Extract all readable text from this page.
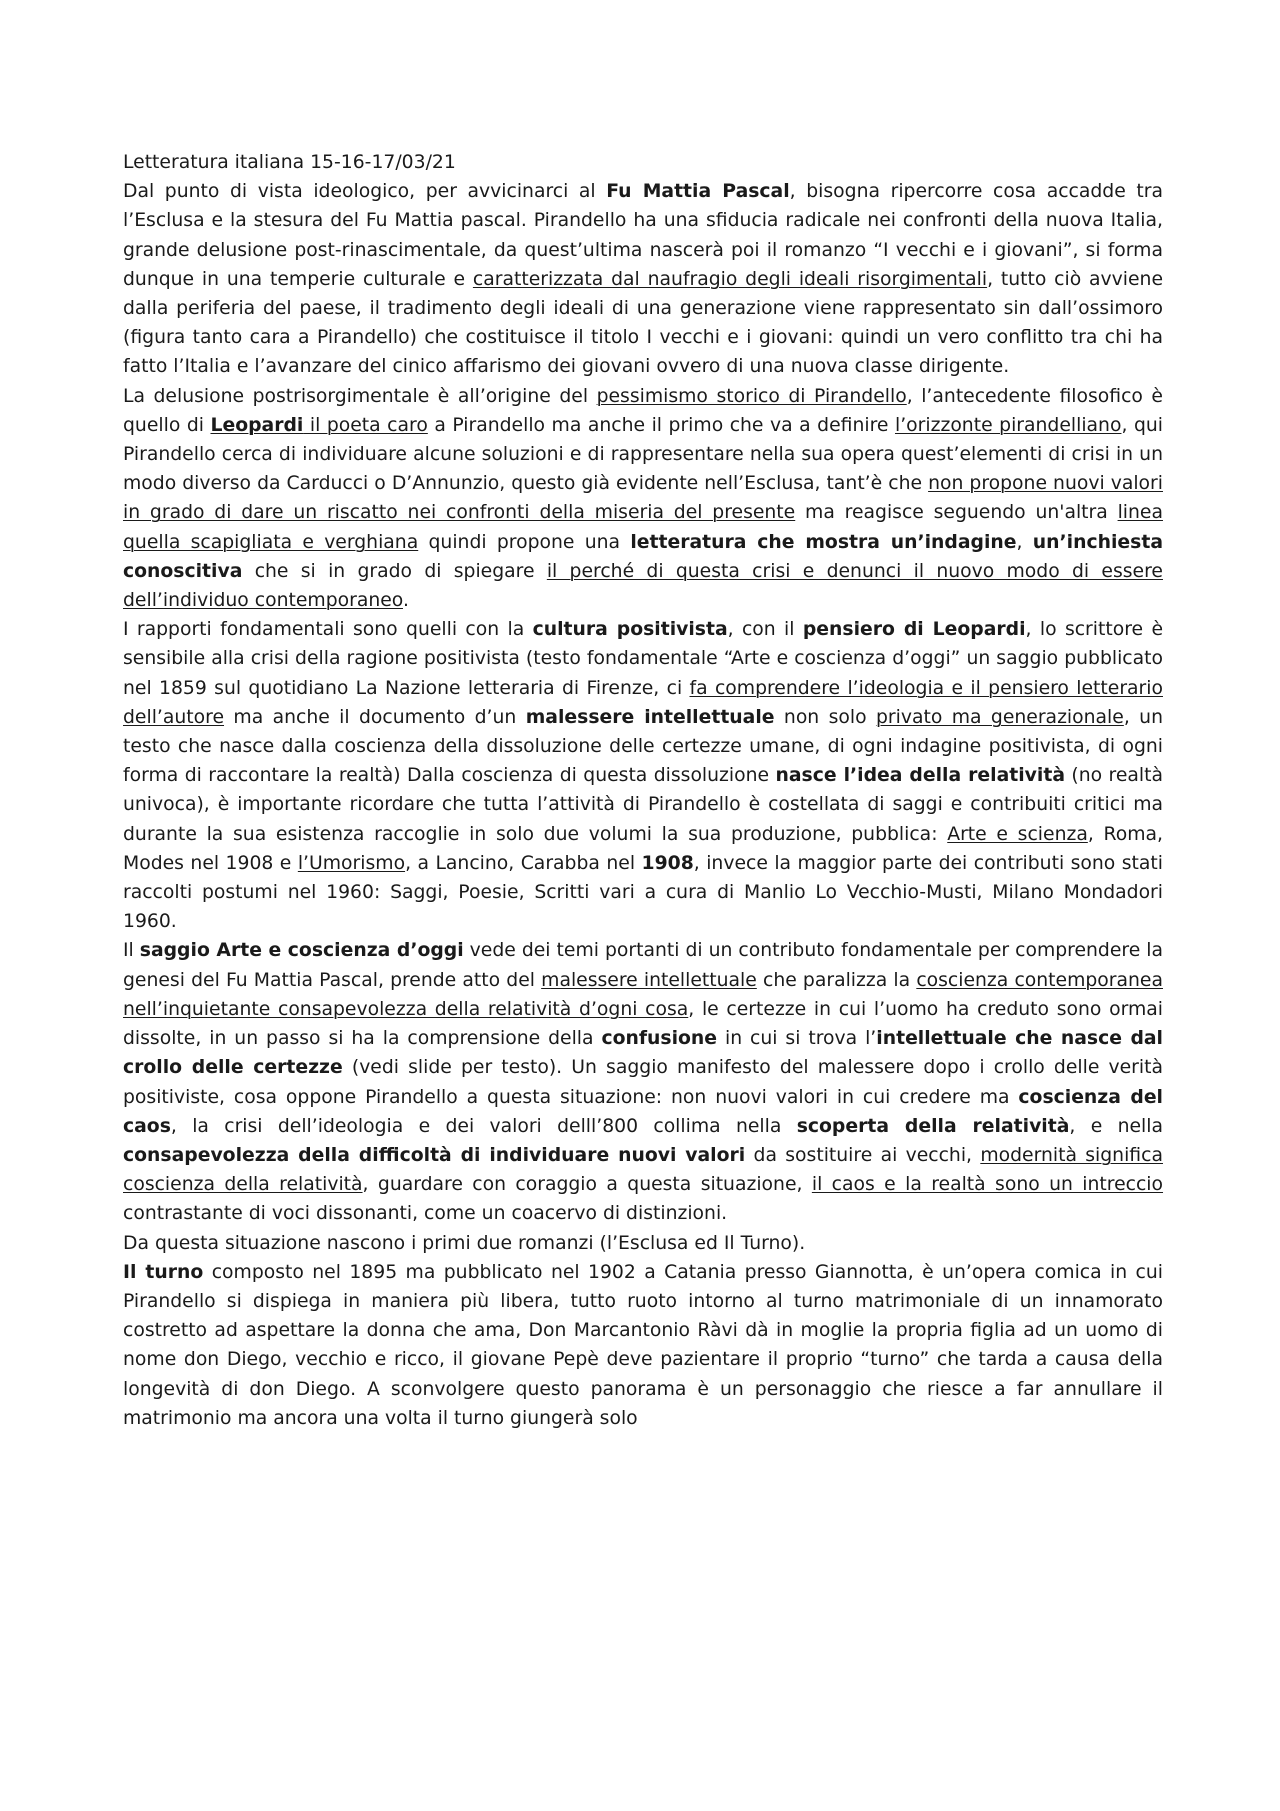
Letteratura italiana 15-16-17/03/21

Dal punto di vista ideologico, per avvicinarci al Fu Mattia Pascal, bisogna ripercorre cosa accadde tra l’Esclusa e la stesura del Fu Mattia pascal. Pirandello ha una sfiducia radicale nei confronti della nuova Italia, grande delusione post-rinascimentale, da quest’ultima nascerà poi il romanzo “I vecchi e i giovani”, si forma dunque in una temperie culturale e caratterizzata dal naufragio degli ideali risorgimentali, tutto ciò avviene dalla periferia del paese, il tradimento degli ideali di una generazione viene rappresentato sin dall’ossimoro (figura tanto cara a Pirandello) che costituisce il titolo I vecchi e i giovani: quindi un vero conflitto tra chi ha fatto l’Italia e l’avanzare del cinico affarismo dei giovani ovvero di una nuova classe dirigente.

La delusione postrisorgimentale è all’origine del pessimismo storico di Pirandello, l’antecedente filosofico è quello di Leopardi il poeta caro a Pirandello ma anche il primo che va a definire l’orizzonte pirandelliano, qui Pirandello cerca di individuare alcune soluzioni e di rappresentare nella sua opera quest’elementi di crisi in un modo diverso da Carducci o D’Annunzio, questo già evidente nell’Esclusa, tant’è che non propone nuovi valori in grado di dare un riscatto nei confronti della miseria del presente ma reagisce seguendo un'altra linea quella scapigliata e verghiana quindi propone una letteratura che mostra un’indagine, un’inchiesta conoscitiva che si in grado di spiegare il perché di questa crisi e denunci il nuovo modo di essere dell’individuo contemporaneo.

I rapporti fondamentali sono quelli con la cultura positivista, con il pensiero di Leopardi, lo scrittore è sensibile alla crisi della ragione positivista (testo fondamentale “Arte e coscienza d’oggi” un saggio pubblicato nel 1859 sul quotidiano La Nazione letteraria di Firenze, ci fa comprendere l’ideologia e il pensiero letterario dell’autore ma anche il documento d’un malessere intellettuale non solo privato ma generazionale, un testo che nasce dalla coscienza della dissoluzione delle certezze umane, di ogni indagine positivista, di ogni forma di raccontare la realtà) Dalla coscienza di questa dissoluzione nasce l’idea della relatività (no realtà univoca), è importante ricordare che tutta l’attività di Pirandello è costellata di saggi e contribuiti critici ma durante la sua esistenza raccoglie in solo due volumi la sua produzione, pubblica: Arte e scienza, Roma, Modes nel 1908 e l’Umorismo, a Lancino, Carabba nel 1908, invece la maggior parte dei contributi sono stati raccolti postumi nel 1960: Saggi, Poesie, Scritti vari a cura di Manlio Lo Vecchio-Musti, Milano Mondadori 1960.

Il saggio Arte e coscienza d’oggi vede dei temi portanti di un contributo fondamentale per comprendere la genesi del Fu Mattia Pascal, prende atto del malessere intellettuale che paralizza la coscienza contemporanea nell’inquietante consapevolezza della relatività d’ogni cosa, le certezze in cui l’uomo ha creduto sono ormai dissolte, in un passo si ha la comprensione della confusione in cui si trova l’intellettuale che nasce dal crollo delle certezze (vedi slide per testo). Un saggio manifesto del malessere dopo i crollo delle verità positiviste, cosa oppone Pirandello a questa situazione: non nuovi valori in cui credere ma coscienza del caos, la crisi dell’ideologia e dei valori delll’800 collima nella scoperta della relatività, e nella consapevolezza della difficoltà di individuare nuovi valori da sostituire ai vecchi, modernità significa coscienza della relatività, guardare con coraggio a questa situazione, il caos e la realtà sono un intreccio contrastante di voci dissonanti, come un coacervo di distinzioni.

Da questa situazione nascono i primi due romanzi (l’Esclusa ed Il Turno).

Il turno composto nel 1895 ma pubblicato nel 1902 a Catania presso Giannotta, è un’opera comica in cui Pirandello si dispiega in maniera più libera, tutto ruoto intorno al turno matrimoniale di un innamorato costretto ad aspettare la donna che ama, Don Marcantonio Ràvi dà in moglie la propria figlia ad un uomo di nome don Diego, vecchio e ricco, il giovane Pepè deve pazientare il proprio “turno” che tarda a causa della longevità di don Diego. A sconvolgere questo panorama è un personaggio che riesce a far annullare il matrimonio ma ancora una volta il turno giungerà solo
